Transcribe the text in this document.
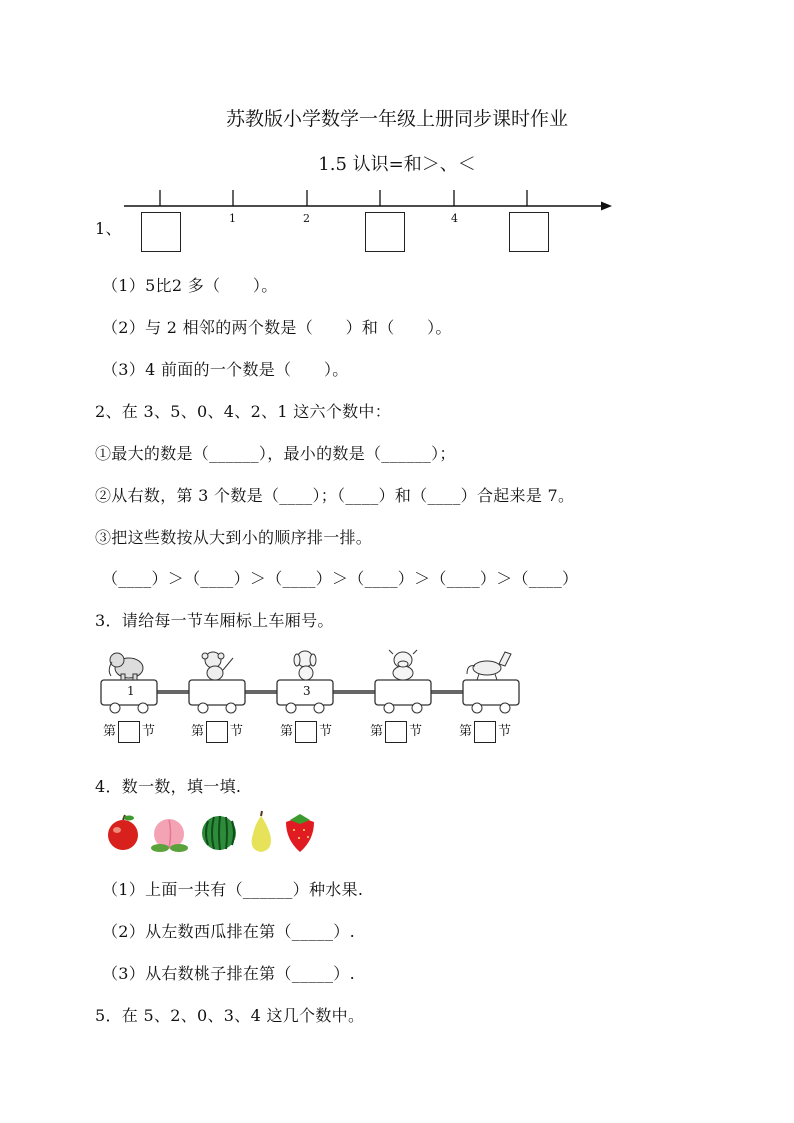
苏教版小学数学一年级上册同步课时作业
1.5 认识=和＞、＜
1、
1	2	4
（1）5比2 多（　　）。
（2）与 2 相邻的两个数是（　　）和（　　）。
（3）4 前面的一个数是（　　）。
2、在 3、5、0、4、2、1 这六个数中：
①最大的数是（______），最小的数是（______）；
②从右数，第 3 个数是（____）；（____）和（____）合起来是 7。
③把这些数按从大到小的顺序排一排。
（____）＞（____）＞（____）＞（____）＞（____）＞（____）
3．请给每一节车厢标上车厢号。
1	3
第 节	第 节	第 节	第 节	第 节
4．数一数，填一填.
（1）上面一共有（______）种水果.
（2）从左数西瓜排在第（_____）.
（3）从右数桃子排在第（_____）.
5．在 5、2、0、3、4 这几个数中。
